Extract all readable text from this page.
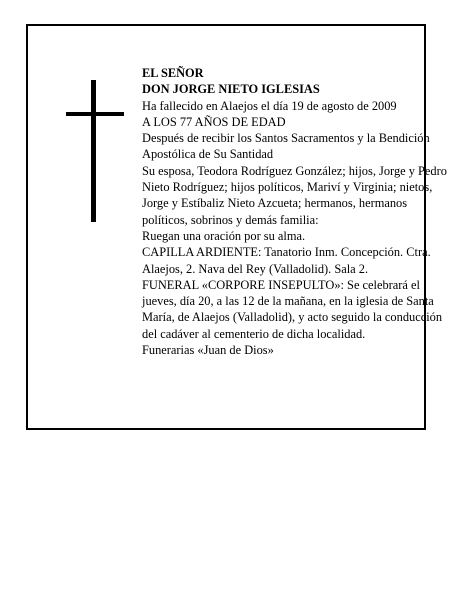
EL SEÑOR
DON JORGE NIETO IGLESIAS
Ha fallecido en Alaejos el día 19 de agosto de 2009
A LOS 77 AÑOS DE EDAD
Después de recibir los Santos Sacramentos y la Bendición Apostólica de Su Santidad
Su esposa, Teodora Rodríguez González; hijos, Jorge y Pedro Nieto Rodríguez; hijos políticos, Mariví y Virginia; nietos, Jorge y Estíbaliz Nieto Azcueta; hermanos, hermanos políticos, sobrinos y demás familia:
Ruegan una oración por su alma.
CAPILLA ARDIENTE: Tanatorio Inm. Concepción. Ctra. Alaejos, 2. Nava del Rey (Valladolid). Sala 2.
FUNERAL «CORPORE INSEPULTO»: Se celebrará el jueves, día 20, a las 12 de la mañana, en la iglesia de Santa María, de Alaejos (Valladolid), y acto seguido la conducción del cadáver al cementerio de dicha localidad.
Funerarias «Juan de Dios»
